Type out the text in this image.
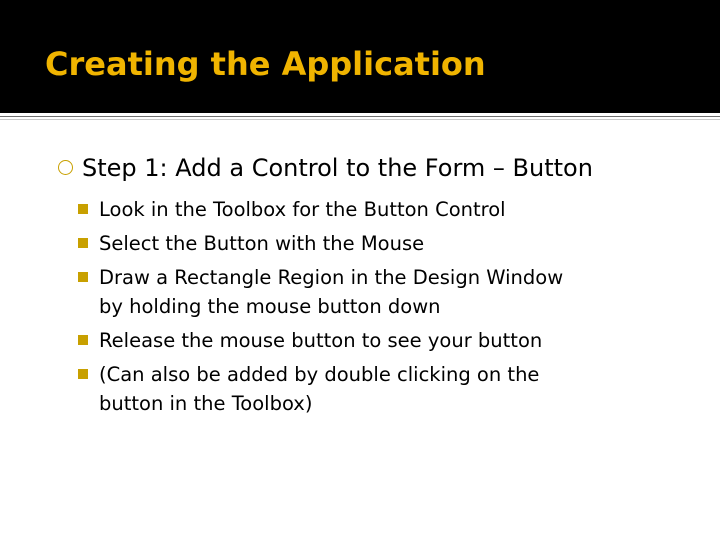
Creating the Application
Step 1: Add a Control to the Form – Button
Look in the Toolbox for the Button Control
Select the Button with the Mouse
Draw a Rectangle Region in the Design Window
by holding the mouse button down
Release the mouse button to see your button
(Can also be added by double clicking on the
button in the Toolbox)
